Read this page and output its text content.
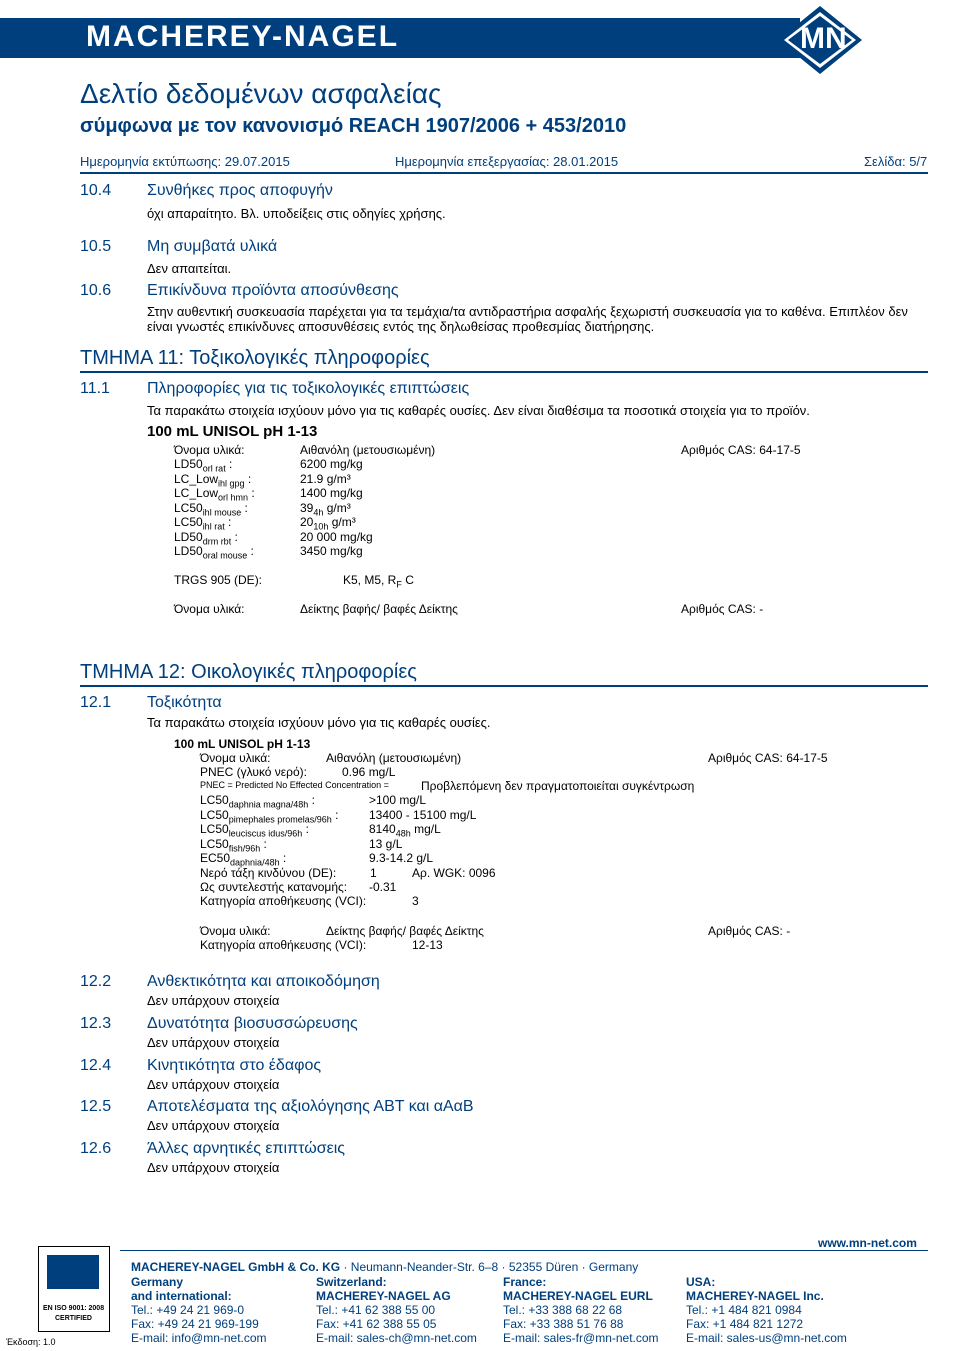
MACHEREY-NAGEL	MN
Δελτίο δεδομένων ασφαλείας
σύμφωνα με τον κανονισμό REACH 1907/2006 + 453/2010
Ημερομηνία εκτύπωσης: 29.07.2015	Ημερομηνία επεξεργασίας: 28.01.2015	Σελίδα: 5/7
10.4 Συνθήκες προς αποφυγήν
όχι απαραίτητο. Βλ. υποδείξεις στις οδηγίες χρήσης.
10.5 Μη συμβατά υλικά
Δεν απαιτείται.
10.6 Επικίνδυνα προϊόντα αποσύνθεσης
Στην αυθεντική συσκευασία παρέχεται για τα τεμάχια/τα αντιδραστήρια ασφαλής ξεχωριστή συσκευασία για το καθένα. Επιπλέον δεν
είναι γνωστές επικίνδυνες αποσυνθέσεις εντός της δηλωθείσας προθεσμίας διατήρησης.
ΤΜΗΜΑ 11: Τοξικολογικές πληροφορίες
11.1 Πληροφορίες για τις τοξικολογικές επιπτώσεις
Τα παρακάτω στοιχεία ισχύουν μόνο για τις καθαρές ουσίες. Δεν είναι διαθέσιμα τα ποσοτικά στοιχεία για το προϊόν.
100 mL UNISOL pH 1-13
Όνομα υλικά:	Αιθανόλη (μετουσιωμένη)	Αριθμός CAS: 64-17-5
$LD50_{orl rat}$ :	6200 mg/kg
LC_Low$_{ihl gpg}$ :	21.9 g/m³
LC_Low$_{orl hmn}$ :	1400 mg/kg
$LC50_{ihl mouse}$ :	$39_{4h}$ g/m³
$LC50_{ihl rat}$ :	$20_{10h}$ g/m³
$LD50_{drm rbt}$ :	20 000 mg/kg
$LD50_{oral mouse}$ :	3450 mg/kg
TRGS 905 (DE):	K5, M5, $R_F$ C
Όνομα υλικά:	Δείκτης βαφής/ βαφές Δείκτης	Αριθμός CAS: -
ΤΜΗΜΑ 12: Οικολογικές πληροφορίες
12.1 Τοξικότητα
Τα παρακάτω στοιχεία ισχύουν μόνο για τις καθαρές ουσίες.
100 mL UNISOL pH 1-13
Όνομα υλικά:	Αιθανόλη (μετουσιωμένη)	Αριθμός CAS: 64-17-5
PNEC (γλυκό νερό):	0.96 mg/L
PNEC = Predicted No Effected Concentration =	Προβλεπόμενη δεν πραγματοποιείται συγκέντρωση
$LC50_{daphnia magna/48h}$ :	>100 mg/L
$LC50_{pimephales promelas/96h}$ :	13400 - 15100 mg/L
$LC50_{leuciscus idus/96h}$ :	$8140_{48h}$ mg/L
$LC50_{fish/96h}$ :	13 g/L
$EC50_{daphnia/48h}$ :	9.3-14.2 g/L
Νερό τάξη κινδύνου (DE):	1	Αρ. WGK: 0096
Ως συντελεστής κατανομής: -0.31
Κατηγορία αποθήκευσης (VCI):	3
Όνομα υλικά:	Δείκτης βαφής/ βαφές Δείκτης	Αριθμός CAS: -
Κατηγορία αποθήκευσης (VCI):	12-13
12.2 Ανθεκτικότητα και αποικοδόμηση
Δεν υπάρχουν στοιχεία
12.3 Δυνατότητα βιοσυσσώρευσης
Δεν υπάρχουν στοιχεία
12.4 Κινητικότητα στο έδαφος
Δεν υπάρχουν στοιχεία
12.5 Αποτελέσματα της αξιολόγησης ΑΒΤ και αΑαΒ
Δεν υπάρχουν στοιχεία
12.6 Άλλες αρνητικές επιπτώσεις
Δεν υπάρχουν στοιχεία
EN ISO 9001: 2008
CERTIFIED
Έκδοση: 1.0
MACHEREY-NAGEL GmbH & Co. KG · Neumann-Neander-Str. 6–8 · 52355 Düren · Germany
www.mn-net.com
Germany
and international:
Tel.: +49 24 21 969-0
Fax: +49 24 21 969-199
E-mail: info@mn-net.com
Switzerland:
MACHEREY-NAGEL AG
Tel.: +41 62 388 55 00
Fax: +41 62 388 55 05
E-mail: sales-ch@mn-net.com
France:
MACHEREY-NAGEL EURL
Tel.: +33 388 68 22 68
Fax: +33 388 51 76 88
E-mail: sales-fr@mn-net.com
USA:
MACHEREY-NAGEL Inc.
Tel.: +1 484 821 0984
Fax: +1 484 821 1272
E-mail: sales-us@mn-net.com
